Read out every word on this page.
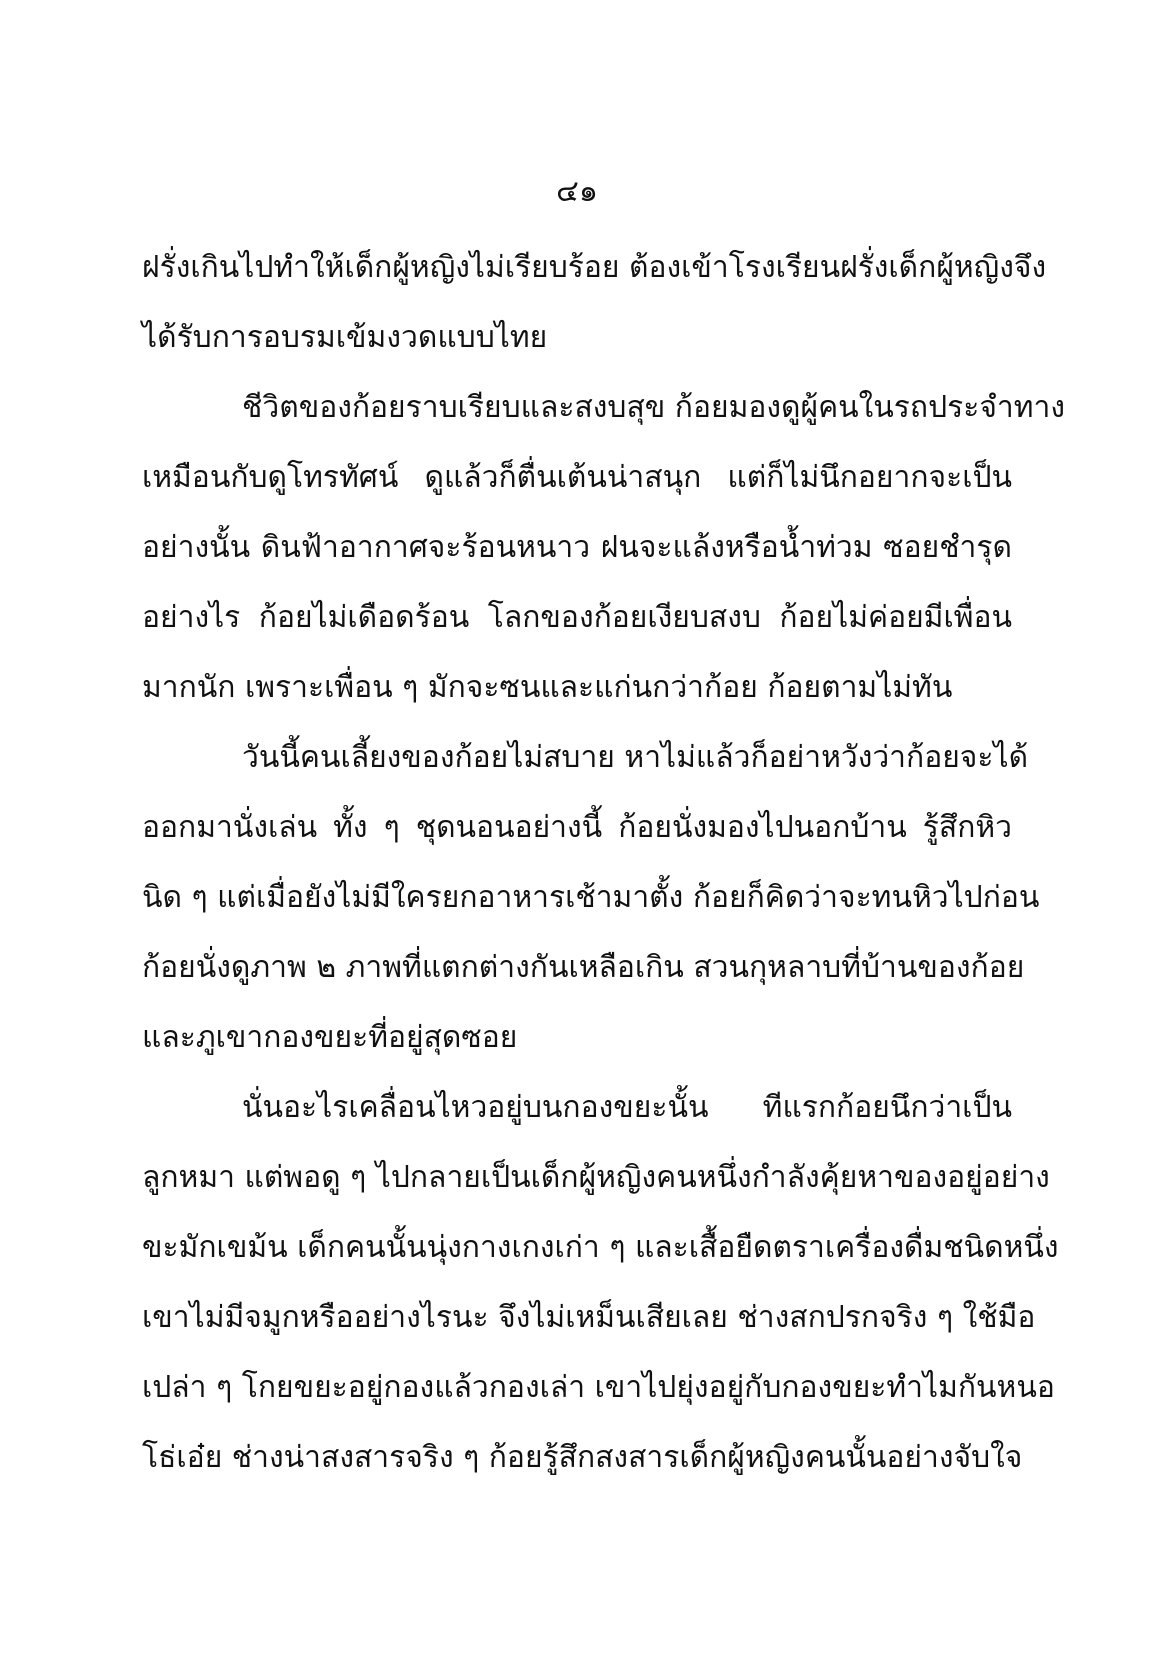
๔๑
ฝรั่งเกินไปทำให้เด็กผู้หญิงไม่เรียบร้อย ต้องเข้าโรงเรียนฝรั่งเด็กผู้หญิงจึง
ได้รับการอบรมเข้มงวดแบบไทย
ชีวิตของก้อยราบเรียบและสงบสุข ก้อยมองดูผู้คนในรถประจำทาง
เหมือนกับดูโทรทัศน์ ดูแล้วก็ตื่นเต้นน่าสนุก แต่ก็ไม่นึกอยากจะเป็น
อย่างนั้น ดินฟ้าอากาศจะร้อนหนาว ฝนจะแล้งหรือน้ำท่วม ซอยชำรุด
อย่างไร ก้อยไม่เดือดร้อน โลกของก้อยเงียบสงบ ก้อยไม่ค่อยมีเพื่อน
มากนัก เพราะเพื่อน ๆ มักจะซนและแก่นกว่าก้อย ก้อยตามไม่ทัน
วันนี้คนเลี้ยงของก้อยไม่สบาย หาไม่แล้วก็อย่าหวังว่าก้อยจะได้
ออกมานั่งเล่น ทั้ง ๆ ชุดนอนอย่างนี้ ก้อยนั่งมองไปนอกบ้าน รู้สึกหิว
นิด ๆ แต่เมื่อยังไม่มีใครยกอาหารเช้ามาตั้ง ก้อยก็คิดว่าจะทนหิวไปก่อน
ก้อยนั่งดูภาพ ๒ ภาพที่แตกต่างกันเหลือเกิน สวนกุหลาบที่บ้านของก้อย
และภูเขากองขยะที่อยู่สุดซอย
นั่นอะไรเคลื่อนไหวอยู่บนกองขยะนั้น ทีแรกก้อยนึกว่าเป็น
ลูกหมา แต่พอดู ๆ ไปกลายเป็นเด็กผู้หญิงคนหนึ่งกำลังคุ้ยหาของอยู่อย่าง
ขะมักเขม้น เด็กคนนั้นนุ่งกางเกงเก่า ๆ และเสื้อยืดตราเครื่องดื่มชนิดหนึ่ง
เขาไม่มีจมูกหรืออย่างไรนะ จึงไม่เหม็นเสียเลย ช่างสกปรกจริง ๆ ใช้มือ
เปล่า ๆ โกยขยะอยู่กองแล้วกองเล่า เขาไปยุ่งอยู่กับกองขยะทำไมกันหนอ
โธ่เอ๋ย ช่างน่าสงสารจริง ๆ ก้อยรู้สึกสงสารเด็กผู้หญิงคนนั้นอย่างจับใจ
